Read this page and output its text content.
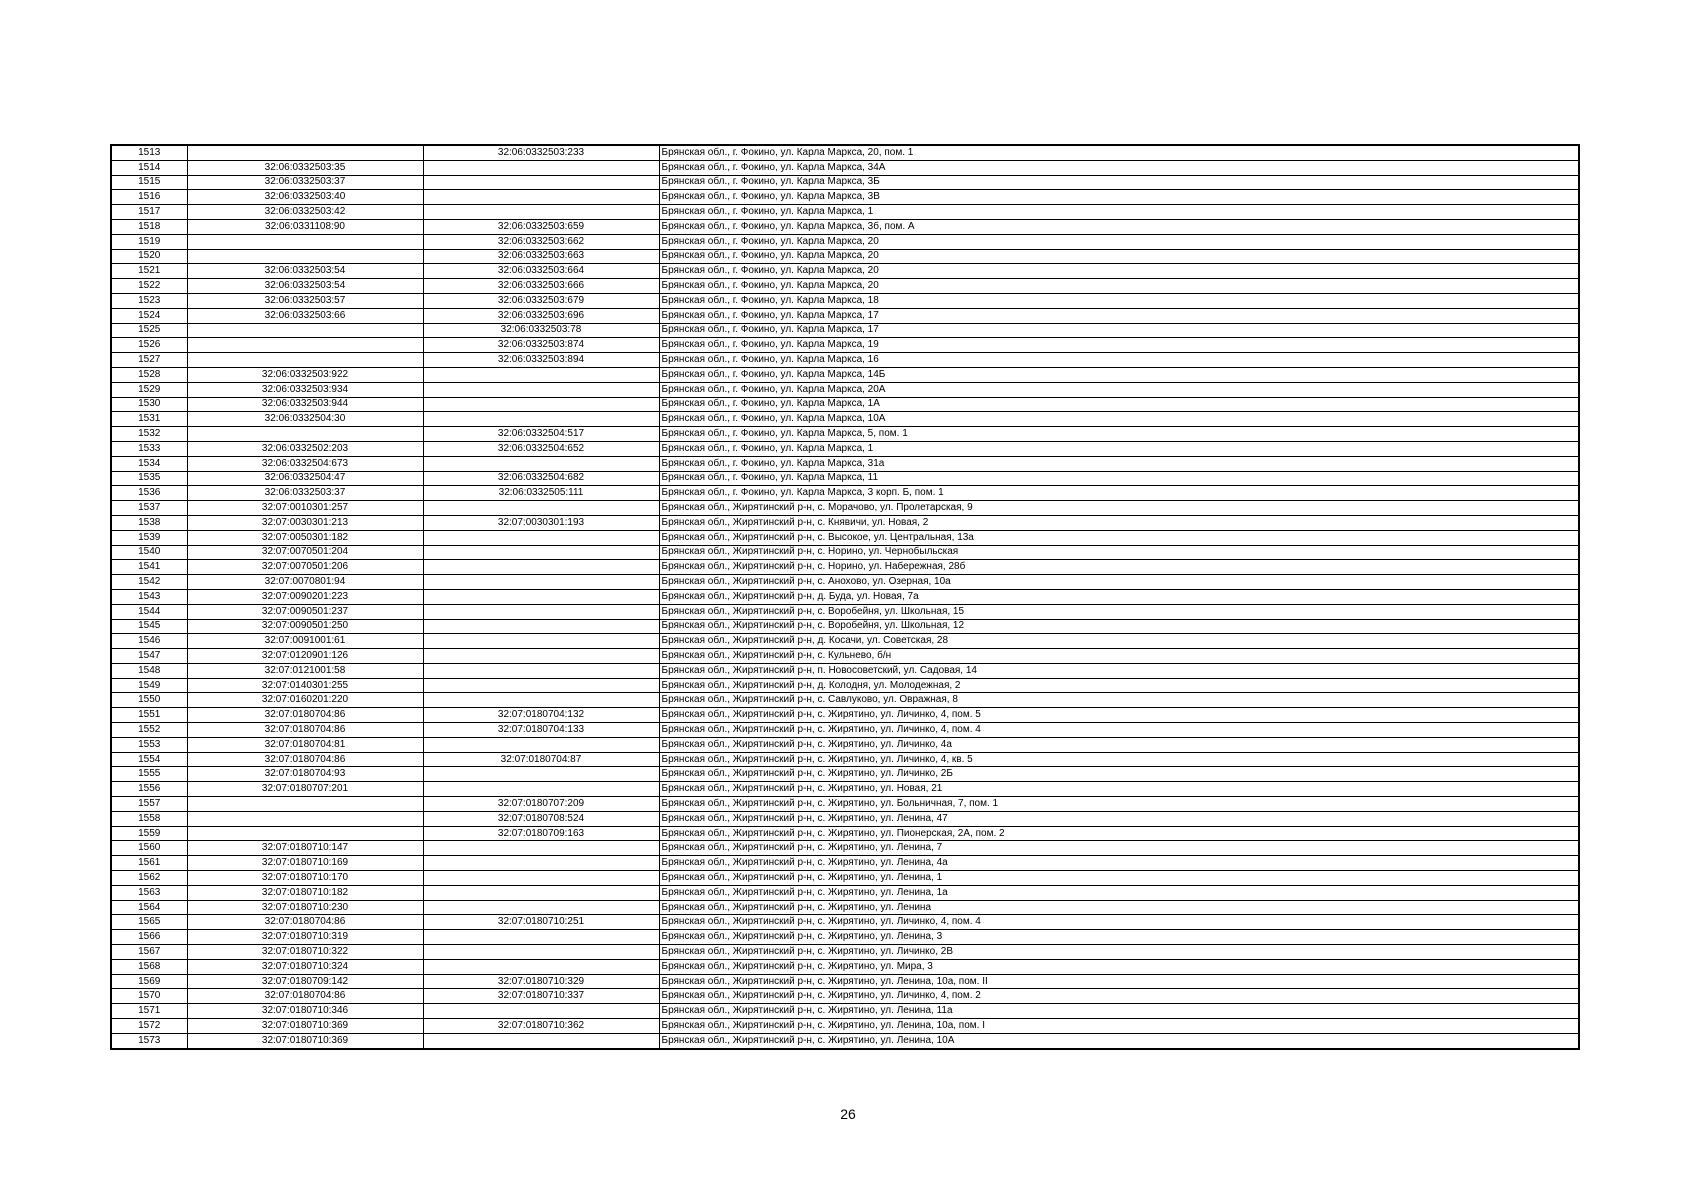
1513		32:06:0332503:233	Брянская обл., г. Фокино, ул. Карла Маркса, 20, пом. 1
1514	32:06:0332503:35		Брянская обл., г. Фокино, ул. Карла Маркса, 34А
1515	32:06:0332503:37		Брянская обл., г. Фокино, ул. Карла Маркса, 3Б
1516	32:06:0332503:40		Брянская обл., г. Фокино, ул. Карла Маркса, 3В
1517	32:06:0332503:42		Брянская обл., г. Фокино, ул. Карла Маркса, 1
1518	32:06:0331108:90	32:06:0332503:659	Брянская обл., г. Фокино, ул. Карла Маркса, 3б, пом. А
1519		32:06:0332503:662	Брянская обл., г. Фокино, ул. Карла Маркса, 20
1520		32:06:0332503:663	Брянская обл., г. Фокино, ул. Карла Маркса, 20
1521	32:06:0332503:54	32:06:0332503:664	Брянская обл., г. Фокино, ул. Карла Маркса, 20
1522	32:06:0332503:54	32:06:0332503:666	Брянская обл., г. Фокино, ул. Карла Маркса, 20
1523	32:06:0332503:57	32:06:0332503:679	Брянская обл., г. Фокино, ул. Карла Маркса, 18
1524	32:06:0332503:66	32:06:0332503:696	Брянская обл., г. Фокино, ул. Карла Маркса, 17
1525		32:06:0332503:78	Брянская обл., г. Фокино, ул. Карла Маркса, 17
1526		32:06:0332503:874	Брянская обл., г. Фокино, ул. Карла Маркса, 19
1527		32:06:0332503:894	Брянская обл., г. Фокино, ул. Карла Маркса, 16
1528	32:06:0332503:922		Брянская обл., г. Фокино, ул. Карла Маркса, 14Б
1529	32:06:0332503:934		Брянская обл., г. Фокино, ул. Карла Маркса, 20А
1530	32:06:0332503:944		Брянская обл., г. Фокино, ул. Карла Маркса, 1А
1531	32:06:0332504:30		Брянская обл., г. Фокино, ул. Карла Маркса, 10А
1532		32:06:0332504:517	Брянская обл., г. Фокино, ул. Карла Маркса, 5, пом. 1
1533	32:06:0332502:203	32:06:0332504:652	Брянская обл., г. Фокино, ул. Карла Маркса, 1
1534	32:06:0332504:673		Брянская обл., г. Фокино, ул. Карла Маркса, 31а
1535	32:06:0332504:47	32:06:0332504:682	Брянская обл., г. Фокино, ул. Карла Маркса, 11
1536	32:06:0332503:37	32:06:0332505:111	Брянская обл., г. Фокино, ул. Карла Маркса, 3 корп. Б, пом. 1
1537	32:07:0010301:257		Брянская обл., Жирятинский р-н, с. Морачово, ул. Пролетарская, 9
1538	32:07:0030301:213	32:07:0030301:193	Брянская обл., Жирятинский р-н, с. Княвичи, ул. Новая, 2
1539	32:07:0050301:182		Брянская обл., Жирятинский р-н, с. Высокое, ул. Центральная, 13а
1540	32:07:0070501:204		Брянская обл., Жирятинский р-н, с. Норино, ул. Чернобыльская
1541	32:07:0070501:206		Брянская обл., Жирятинский р-н, с. Норино, ул. Набережная, 28б
1542	32:07:0070801:94		Брянская обл., Жирятинский р-н, с. Анохово, ул. Озерная, 10а
1543	32:07:0090201:223		Брянская обл., Жирятинский р-н, д. Буда, ул. Новая, 7а
1544	32:07:0090501:237		Брянская обл., Жирятинский р-н, с. Воробейня, ул. Школьная, 15
1545	32:07:0090501:250		Брянская обл., Жирятинский р-н, с. Воробейня, ул. Школьная, 12
1546	32:07:0091001:61		Брянская обл., Жирятинский р-н, д. Косачи, ул. Советская, 28
1547	32:07:0120901:126		Брянская обл., Жирятинский р-н, с. Кульнево, б/н
1548	32:07:0121001:58		Брянская обл., Жирятинский р-н, п. Новосоветский, ул. Садовая, 14
1549	32:07:0140301:255		Брянская обл., Жирятинский р-н, д. Колодня, ул. Молодежная, 2
1550	32:07:0160201:220		Брянская обл., Жирятинский р-н, с. Савлуково, ул. Овражная, 8
1551	32:07:0180704:86	32:07:0180704:132	Брянская обл., Жирятинский р-н, с. Жирятино, ул. Личинко, 4, пом. 5
1552	32:07:0180704:86	32:07:0180704:133	Брянская обл., Жирятинский р-н, с. Жирятино, ул. Личинко, 4, пом. 4
1553	32:07:0180704:81		Брянская обл., Жирятинский р-н, с. Жирятино, ул. Личинко, 4а
1554	32:07:0180704:86	32:07:0180704:87	Брянская обл., Жирятинский р-н, с. Жирятино, ул. Личинко, 4, кв. 5
1555	32:07:0180704:93		Брянская обл., Жирятинский р-н, с. Жирятино, ул. Личинко, 2Б
1556	32:07:0180707:201		Брянская обл., Жирятинский р-н, с. Жирятино, ул. Новая, 21
1557		32:07:0180707:209	Брянская обл., Жирятинский р-н, с. Жирятино, ул. Больничная, 7, пом. 1
1558		32:07:0180708:524	Брянская обл., Жирятинский р-н, с. Жирятино, ул. Ленина, 47
1559		32:07:0180709:163	Брянская обл., Жирятинский р-н, с. Жирятино, ул. Пионерская, 2А, пом. 2
1560	32:07:0180710:147		Брянская обл., Жирятинский р-н, с. Жирятино, ул. Ленина, 7
1561	32:07:0180710:169		Брянская обл., Жирятинский р-н, с. Жирятино, ул. Ленина, 4а
1562	32:07:0180710:170		Брянская обл., Жирятинский р-н, с. Жирятино, ул. Ленина, 1
1563	32:07:0180710:182		Брянская обл., Жирятинский р-н, с. Жирятино, ул. Ленина, 1а
1564	32:07:0180710:230		Брянская обл., Жирятинский р-н, с. Жирятино, ул. Ленина
1565	32:07:0180704:86	32:07:0180710:251	Брянская обл., Жирятинский р-н, с. Жирятино, ул. Личинко, 4, пом. 4
1566	32:07:0180710:319		Брянская обл., Жирятинский р-н, с. Жирятино, ул. Ленина, 3
1567	32:07:0180710:322		Брянская обл., Жирятинский р-н, с. Жирятино, ул. Личинко, 2В
1568	32:07:0180710:324		Брянская обл., Жирятинский р-н, с. Жирятино, ул. Мира, 3
1569	32:07:0180709:142	32:07:0180710:329	Брянская обл., Жирятинский р-н, с. Жирятино, ул. Ленина, 10а, пом. II
1570	32:07:0180704:86	32:07:0180710:337	Брянская обл., Жирятинский р-н, с. Жирятино, ул. Личинко, 4, пом. 2
1571	32:07:0180710:346		Брянская обл., Жирятинский р-н, с. Жирятино, ул. Ленина, 11а
1572	32:07:0180710:369	32:07:0180710:362	Брянская обл., Жирятинский р-н, с. Жирятино, ул. Ленина, 10а, пом. I
1573	32:07:0180710:369		Брянская обл., Жирятинский р-н, с. Жирятино, ул. Ленина, 10А
26
